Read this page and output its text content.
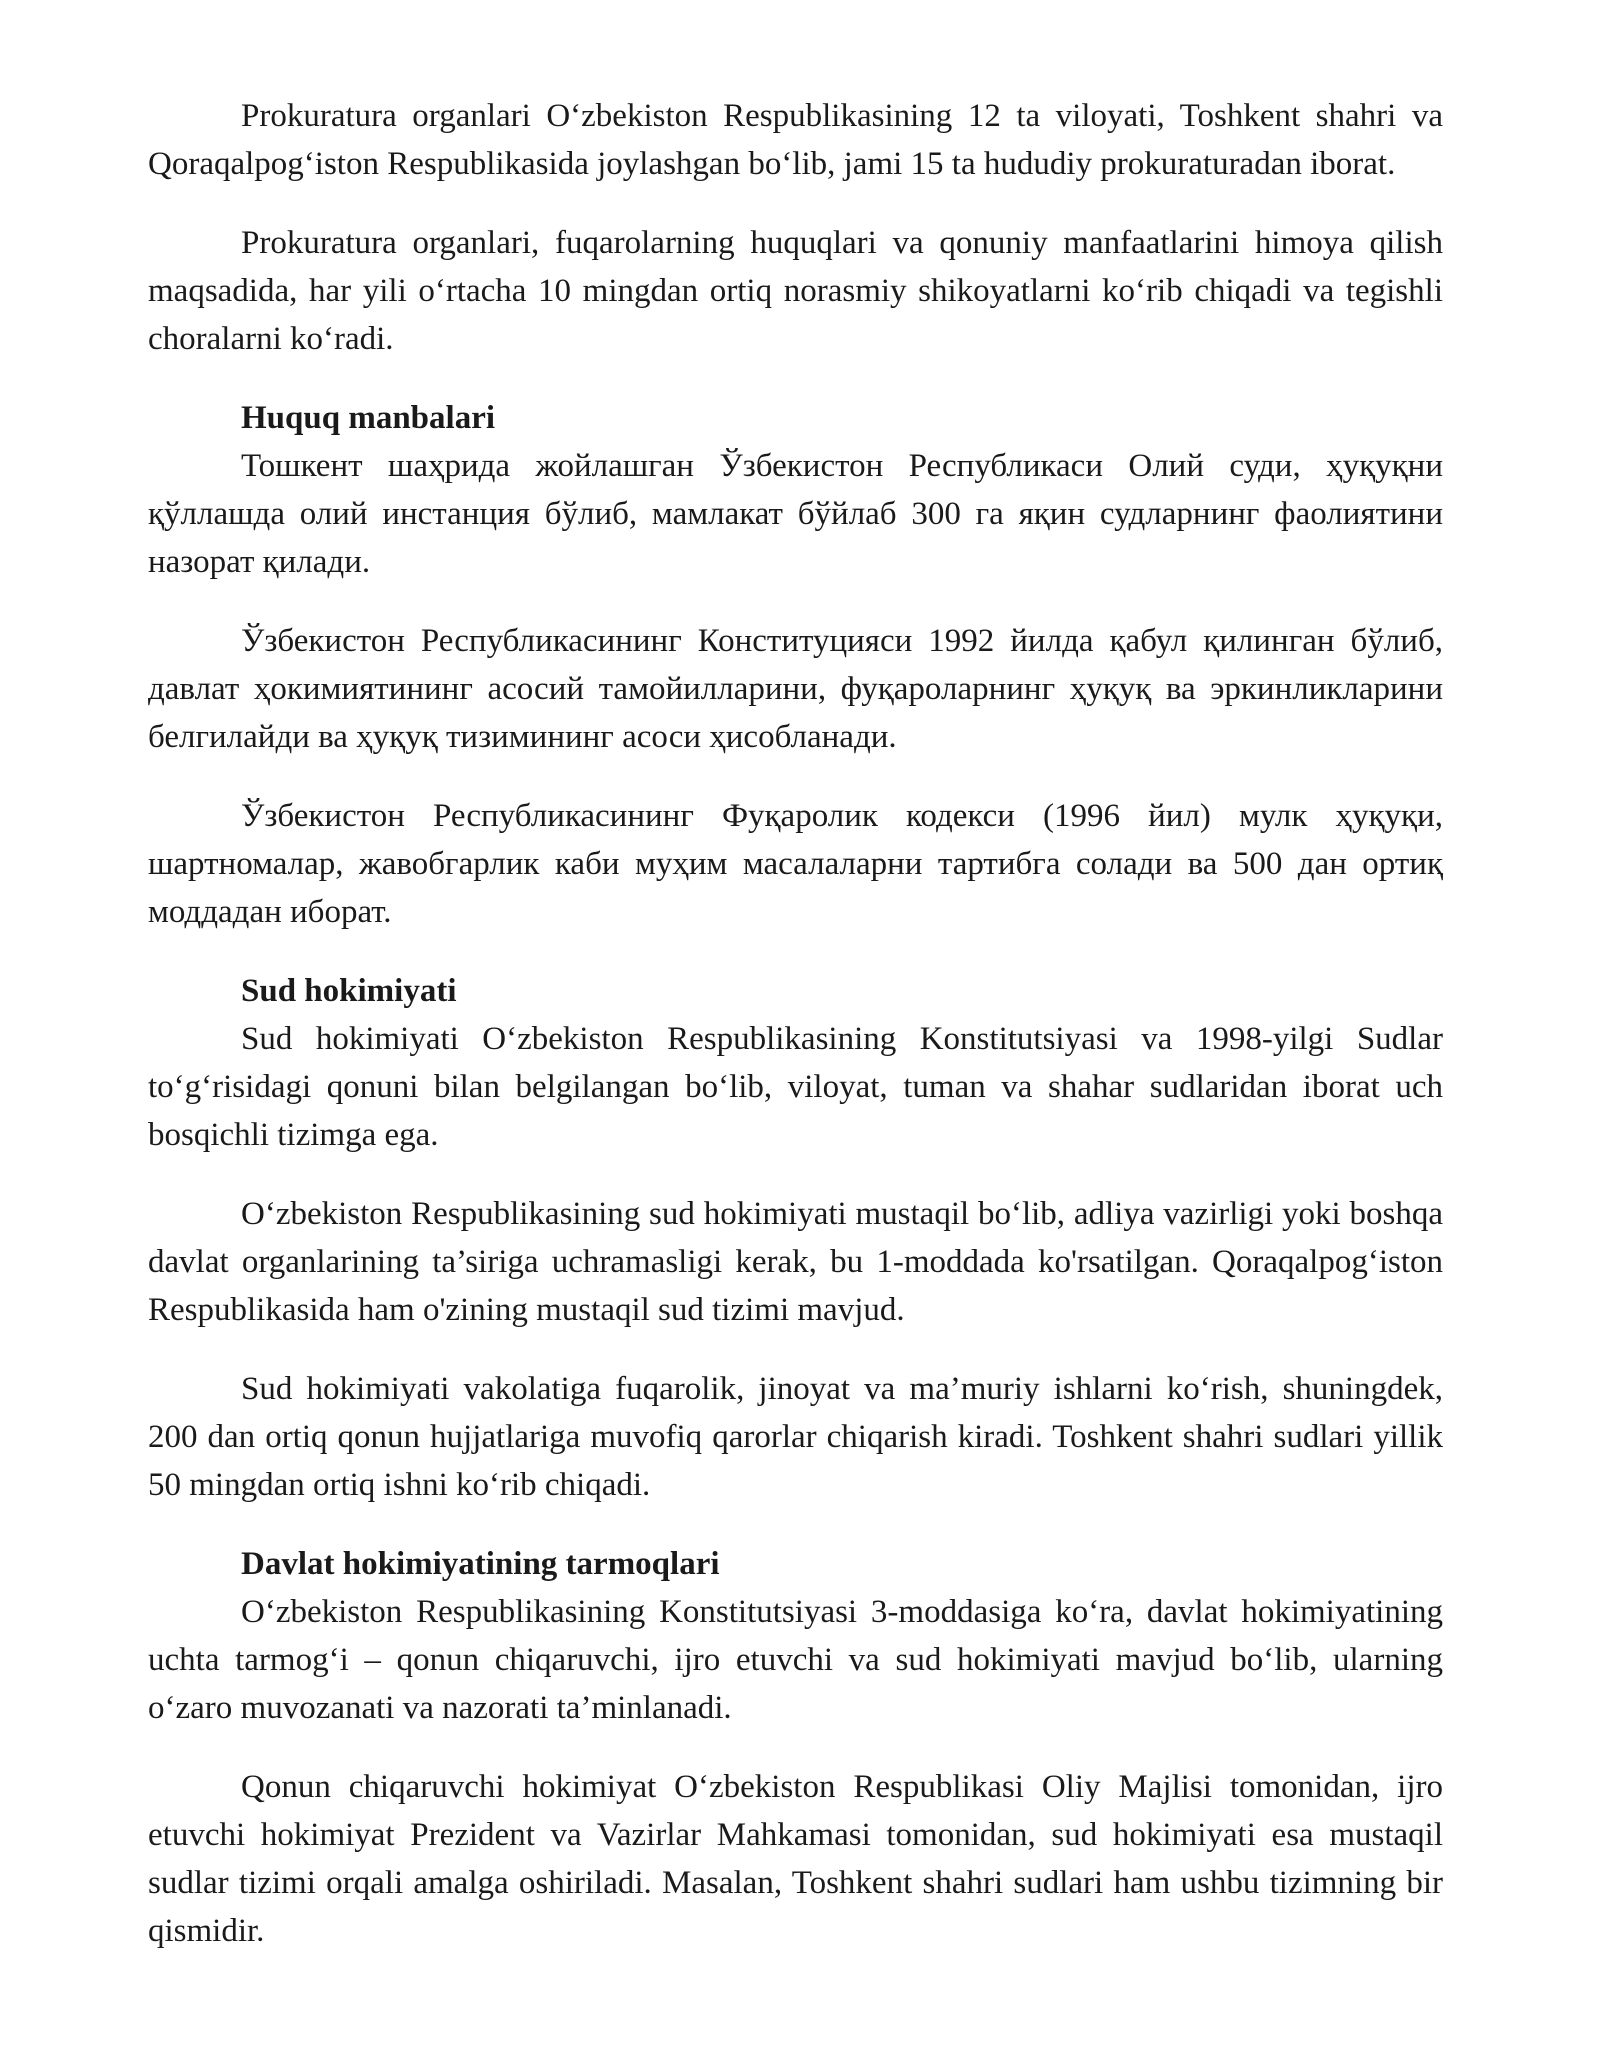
Prokuratura organlari O‘zbekiston Respublikasining 12 ta viloyati, Toshkent shahri va Qoraqalpog‘iston Respublikasida joylashgan bo‘lib, jami 15 ta hududiy prokuraturadan iborat.

Prokuratura organlari, fuqarolarning huquqlari va qonuniy manfaatlarini himoya qilish maqsadida, har yili o‘rtacha 10 mingdan ortiq norasmiy shikoyatlarni ko‘rib chiqadi va tegishli choralarni ko‘radi.

Huquq manbalari

Тошкент шаҳрида жойлашган Ўзбекистон Республикаси Олий суди, ҳуқуқни қўллашда олий инстанция бўлиб, мамлакат бўйлаб 300 га яқин судларнинг фаолиятини назорат қилади.

Ўзбекистон Республикасининг Конституцияси 1992 йилда қабул қилинган бўлиб, давлат ҳокимиятининг асосий тамойилларини, фуқароларнинг ҳуқуқ ва эркинликларини белгилайди ва ҳуқуқ тизимининг асоси ҳисобланади.

Ўзбекистон Республикасининг Фуқаролик кодекси (1996 йил) мулк ҳуқуқи, шартномалар, жавобгарлик каби муҳим масалаларни тартибга солади ва 500 дан ортиқ моддадан иборат.

Sud hokimiyati

Sud hokimiyati O‘zbekiston Respublikasining Konstitutsiyasi va 1998-yilgi Sudlar to‘g‘risidagi qonuni bilan belgilangan bo‘lib, viloyat, tuman va shahar sudlaridan iborat uch bosqichli tizimga ega.

O‘zbekiston Respublikasining sud hokimiyati mustaqil bo‘lib, adliya vazirligi yoki boshqa davlat organlarining ta’siriga uchramasligi kerak, bu 1-moddada ko'rsatilgan. Qoraqalpog‘iston Respublikasida ham o'zining mustaqil sud tizimi mavjud.

Sud hokimiyati vakolatiga fuqarolik, jinoyat va ma’muriy ishlarni ko‘rish, shuningdek, 200 dan ortiq qonun hujjatlariga muvofiq qarorlar chiqarish kiradi. Toshkent shahri sudlari yillik 50 mingdan ortiq ishni ko‘rib chiqadi.

Davlat hokimiyatining tarmoqlari

O‘zbekiston Respublikasining Konstitutsiyasi 3-moddasiga ko‘ra, davlat hokimiyatining uchta tarmog‘i – qonun chiqaruvchi, ijro etuvchi va sud hokimiyati mavjud bo‘lib, ularning o‘zaro muvozanati va nazorati ta’minlanadi.

Qonun chiqaruvchi hokimiyat O‘zbekiston Respublikasi Oliy Majlisi tomonidan, ijro etuvchi hokimiyat Prezident va Vazirlar Mahkamasi tomonidan, sud hokimiyati esa mustaqil sudlar tizimi orqali amalga oshiriladi. Masalan, Toshkent shahri sudlari ham ushbu tizimning bir qismidir.
